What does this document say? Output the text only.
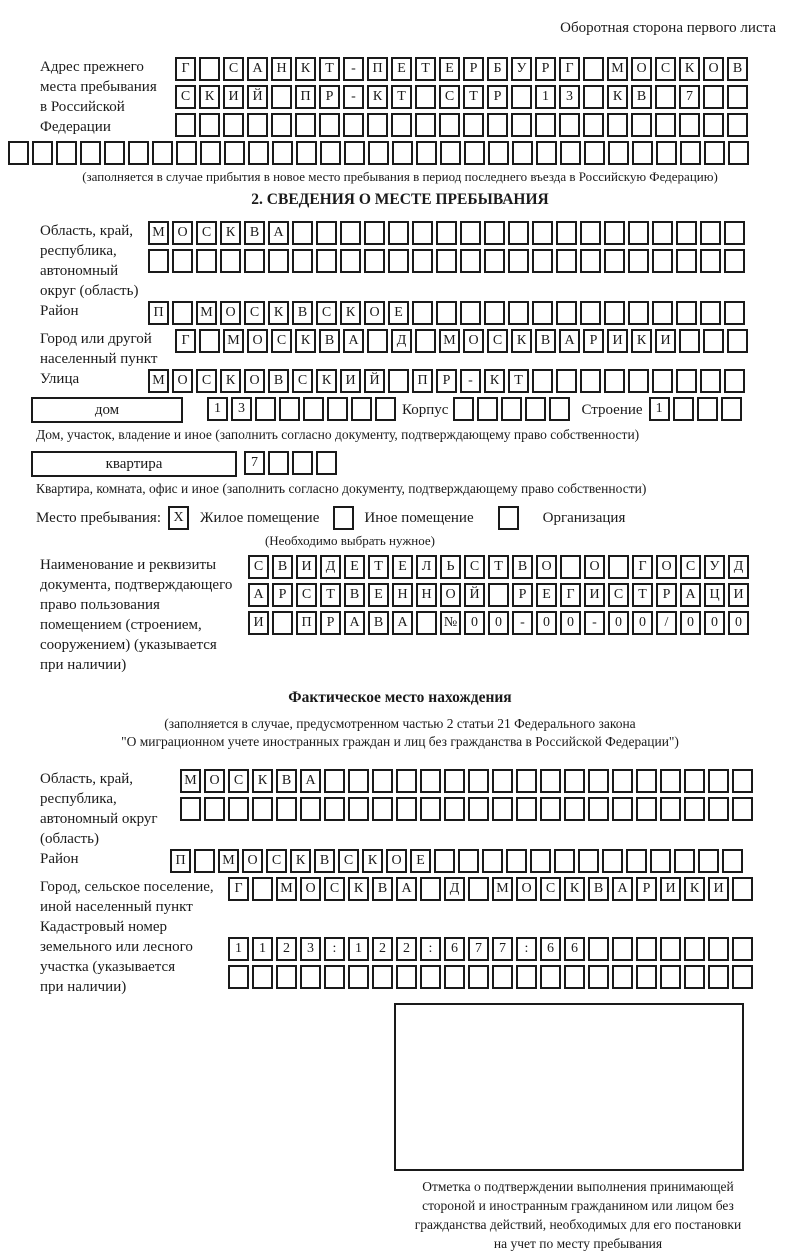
Оборотная сторона первого листа
Адрес прежнего
места пребывания
в Российской
Федерации
Г	С	А Н	К	Т	-	П	Е	Т	Е	Р	Б	У	Р	Г	М О	С	К	О	В
С	К	И Й	П	Р	-	К	Т	С	Т	Р	1	3	К	В	7
(заполняется в случае прибытия в новое место пребывания в период последнего въезда в Российскую Федерацию)
2. СВЕДЕНИЯ О МЕСТЕ ПРЕБЫВАНИЯ
Область, край,
республика,
автономный
округ (область)
М О	С	К	В	А
Район	П	М О	С	К	В	С	К	О	Е
Город или другой
населенный пункт
Г	М О	С	К	В	А	Д	М О	С	К	В	А	Р	И	К	И
Улица	М О	С	К	О	В	С	К	И Й	П	Р	-	К	Т
дом	1	3	Корпус	Строение 1
Дом, участок, владение и иное (заполнить согласно документу, подтверждающему право собственности)
квартира	7
Квартира, комната, офис и иное (заполнить согласно документу, подтверждающему право собственности)
Место пребывания: X	Жилое помещение	Иное помещение	Организация
(Необходимо выбрать нужное)
Наименование и реквизиты
документа, подтверждающего
право пользования
помещением (строением,
сооружением) (указывается
при наличии)
С	В	И	Д	Е	Т	Е	Л	Ь	С	Т	В	О	О	Г	О	С	У	Д
А	Р	С	Т	В	Е	Н Н О Й	Р	Е	Г	И	С	Т	Р	А Ц И
И	П	Р	А	В	А	№ 0	0	-	0	0	-	0	0	/	0	0	0
Фактическое место нахождения
(заполняется в случае, предусмотренном частью 2 статьи 21 Федерального закона
"О миграционном учете иностранных граждан и лиц без гражданства в Российской Федерации")
Область, край,
республика,
автономный округ
(область)
М О	С	К	В	А
Район	П	М О	С	К	В	С	К	О	Е
Город, сельское поселение,
иной населенный пункт
Г	М О	С	К	В	А	Д	М О	С	К	В	А	Р	И	К	И
Кадастровый номер
земельного или лесного
участка (указывается
при наличии)
1	1	2	3	:	1	2	2	:	6	7	7	:	6	6
Отметка о подтверждении выполнения принимающей
стороной и иностранным гражданином или лицом без
гражданства действий, необходимых для его постановки
на учет по месту пребывания
